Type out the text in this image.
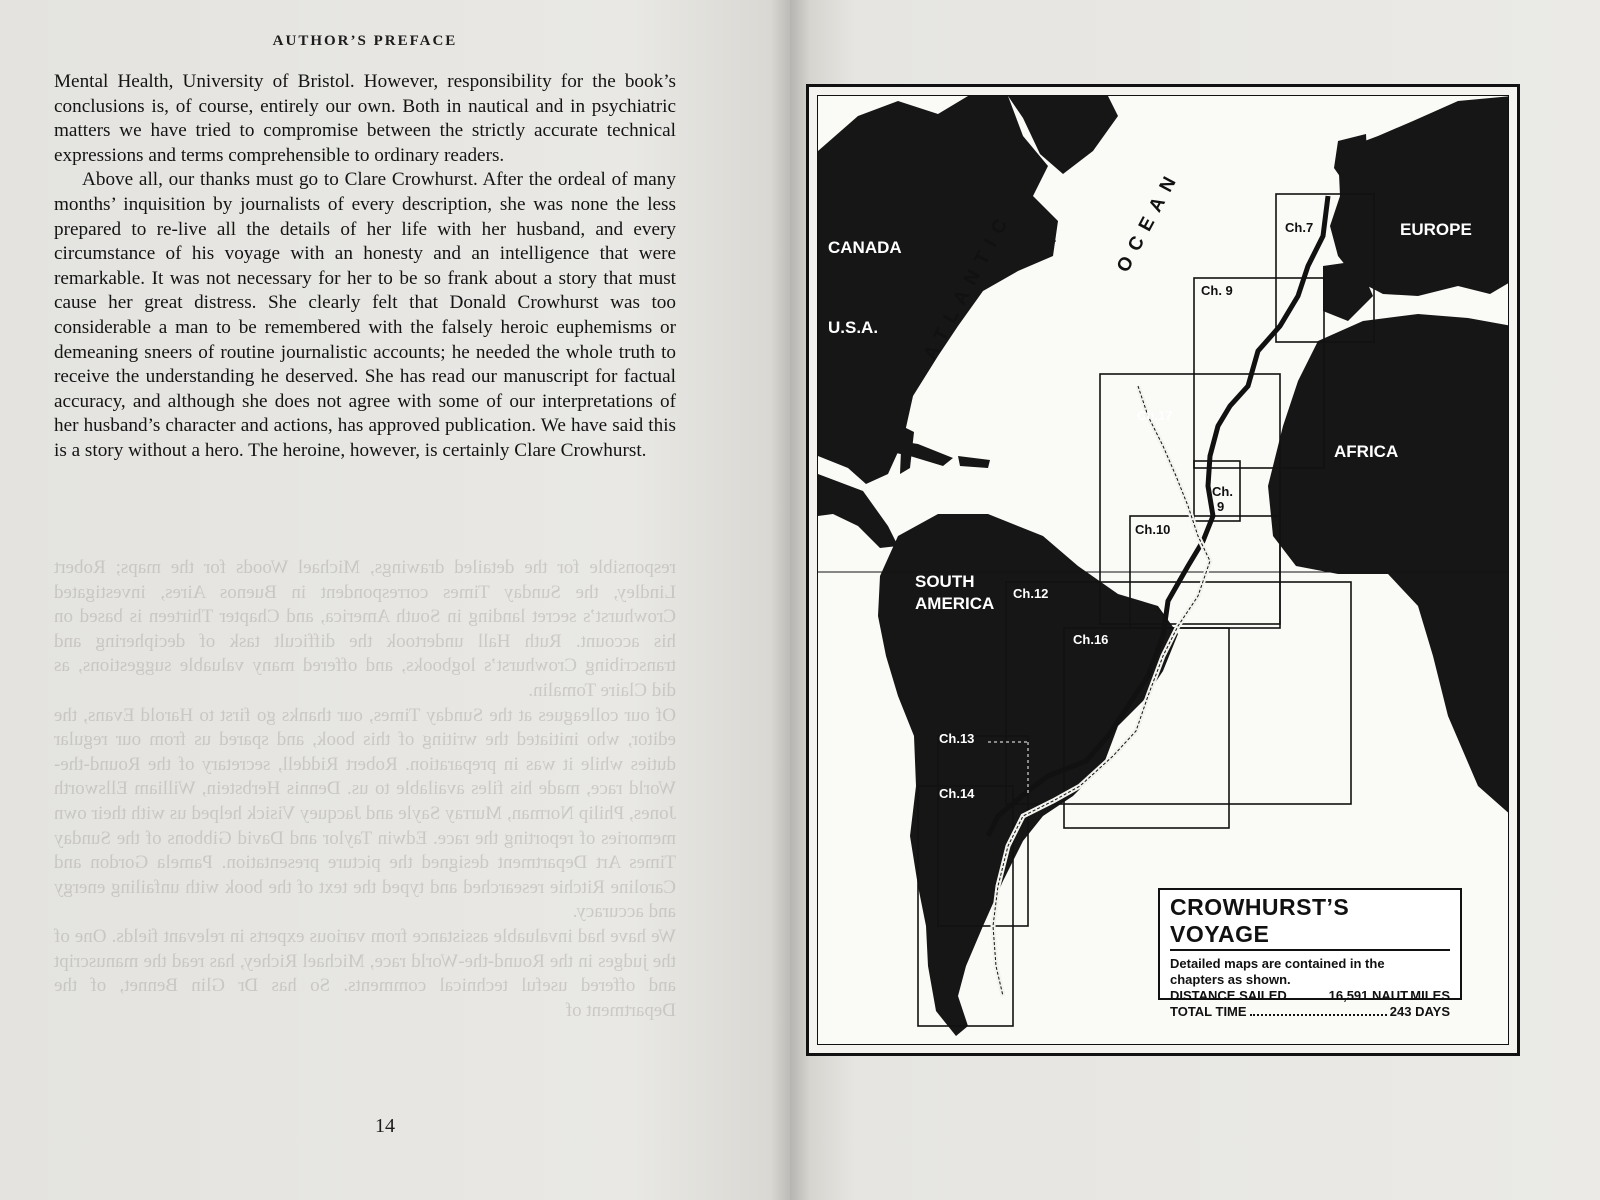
AUTHOR’S PREFACE

Mental Health, University of Bristol. However, responsibility for the book’s conclusions is, of course, entirely our own. Both in nautical and in psychiatric matters we have tried to compromise between the strictly accurate technical expressions and terms comprehensible to ordinary readers.

Above all, our thanks must go to Clare Crowhurst. After the ordeal of many months’ inquisition by journalists of every description, she was none the less prepared to re-live all the details of her life with her husband, and every circumstance of his voyage with an honesty and an intelligence that were remarkable. It was not necessary for her to be so frank about a story that must cause her great distress. She clearly felt that Donald Crowhurst was too considerable a man to be remembered with the falsely heroic euphemisms or demeaning sneers of routine journalistic accounts; he needed the whole truth to receive the understanding he deserved. She has read our manuscript for factual accuracy, and although she does not agree with some of our interpretations of her husband’s character and actions, has approved publication. We have said this is a story without a hero. The heroine, however, is certainly Clare Crowhurst.

responsible for the detailed drawings, Michael Woods for the maps; Robert Lindley, the Sunday Times correspondent in Buenos Aires, investigated Crowhurst’s secret landing in South America, and Chapter Thirteen is based on his account. Ruth Hall undertook the difficult task of deciphering and transcribing Crowhurst’s logbooks, and offered many valuable suggestions, as did Claire Tomalin.

Of our colleagues at the Sunday Times, our thanks go first to Harold Evans, the editor, who initiated the writing of this book, and spared us from our regular duties while it was in preparation. Robert Riddell, secretary of the Round-the-World race, made his files available to us. Dennis Herbstein, William Ellsworth Jones, Philip Norman, Murray Sayle and Jacquey Visick helped us with their own memories of reporting the race. Edwin Taylor and David Gibbons of the Sunday Times Art Department designed the picture presentation. Pamela Gordon and Caroline Ritchie researched and typed the text of the book with unfailing energy and accuracy.

We have had invaluable assistance from various experts in relevant fields. One of the judges in the Round-the-World race, Michael Richey, has read the manuscript and offered useful technical comments. So has Dr Glin Bennet, of the Department of

14
CANADA
U.S.A.
SOUTH
AMERICA
EUROPE
AFRICA
ATLANTIC	OCEAN	Ch.7
Ch. 9
Ch.17
Ch.
9
Ch.10
Ch.12
Ch.16
Ch.13
Ch.14
CROWHURST’S VOYAGE
Detailed maps are contained in the
chapters as shown.
DISTANCE SAILED	16,591 NAUT.MILES
TOTAL TIME	243 DAYS
